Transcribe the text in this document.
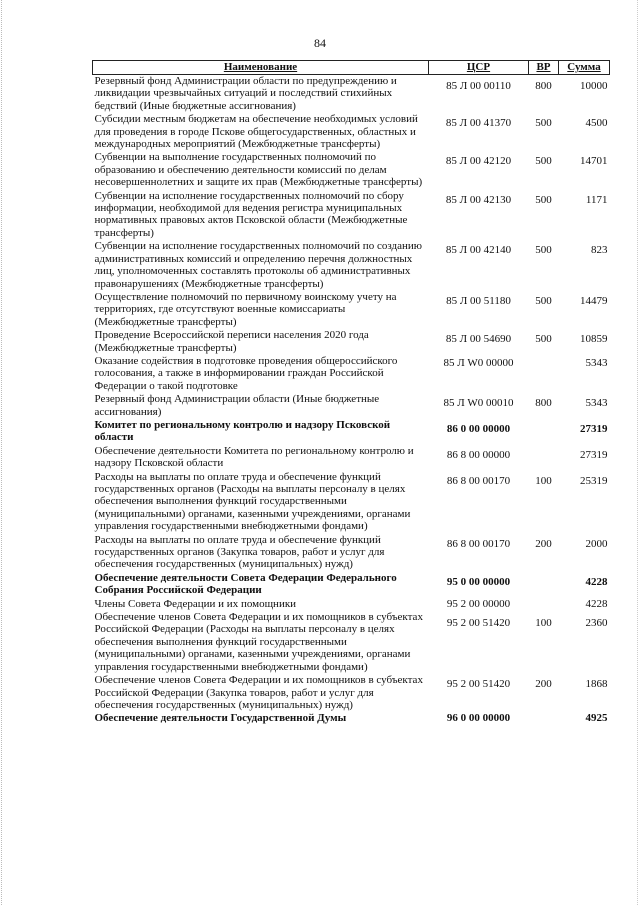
84
Наименование	ЦСР	ВР	Сумма
Резервный фонд Администрации области по предупреждению и ликвидации чрезвычайных ситуаций и последствий стихийных бедствий (Иные бюджетные ассигнования)	85 Л 00 00110	800	10000
Субсидии местным бюджетам на обеспечение необходимых условий для проведения в городе Пскове общегосударственных, областных и международных мероприятий (Межбюджетные трансферты)	85 Л 00 41370	500	4500
Субвенции на выполнение государственных полномочий по образованию и обеспечению деятельности комиссий по делам несовершеннолетних и защите их прав (Межбюджетные трансферты)	85 Л 00 42120	500	14701
Субвенции на исполнение государственных полномочий по сбору информации, необходимой для ведения регистра муниципальных нормативных правовых актов Псковской области (Межбюджетные трансферты)	85 Л 00 42130	500	1171
Субвенции на исполнение государственных полномочий по созданию административных комиссий и определению перечня должностных лиц, уполномоченных составлять протоколы об административных правонарушениях (Межбюджетные трансферты)	85 Л 00 42140	500	823
Осуществление полномочий по первичному воинскому учету на территориях, где отсутствуют военные комиссариаты (Межбюджетные трансферты)	85 Л 00 51180	500	14479
Проведение Всероссийской переписи населения 2020 года (Межбюджетные трансферты)	85 Л 00 54690	500	10859
Оказание содействия в подготовке проведения общероссийского голосования, а также в информировании граждан Российской Федерации о такой подготовке	85 Л W0 00000		5343
Резервный фонд Администрации области (Иные бюджетные ассигнования)	85 Л W0 00010	800	5343
Комитет по региональному контролю и надзору Псковской области	86 0 00 00000		27319
Обеспечение деятельности Комитета по региональному контролю и надзору Псковской области	86 8 00 00000		27319
Расходы на выплаты по оплате труда и обеспечение функций государственных органов (Расходы на выплаты персоналу в целях обеспечения выполнения функций государственными (муниципальными) органами, казенными учреждениями, органами управления государственными внебюджетными фондами)	86 8 00 00170	100	25319
Расходы на выплаты по оплате труда и обеспечение функций государственных органов (Закупка товаров, работ и услуг для обеспечения государственных (муниципальных) нужд)	86 8 00 00170	200	2000
Обеспечение деятельности Совета Федерации Федерального Собрания Российской Федерации	95 0 00 00000		4228
Члены Совета Федерации и их помощники	95 2 00 00000		4228
Обеспечение членов Совета Федерации и их помощников в субъектах Российской Федерации (Расходы на выплаты персоналу в целях обеспечения выполнения функций государственными (муниципальными) органами, казенными учреждениями, органами управления государственными внебюджетными фондами)	95 2 00 51420	100	2360
Обеспечение членов Совета Федерации и их помощников в субъектах Российской Федерации (Закупка товаров, работ и услуг для обеспечения государственных (муниципальных) нужд)	95 2 00 51420	200	1868
Обеспечение деятельности Государственной Думы	96 0 00 00000		4925
